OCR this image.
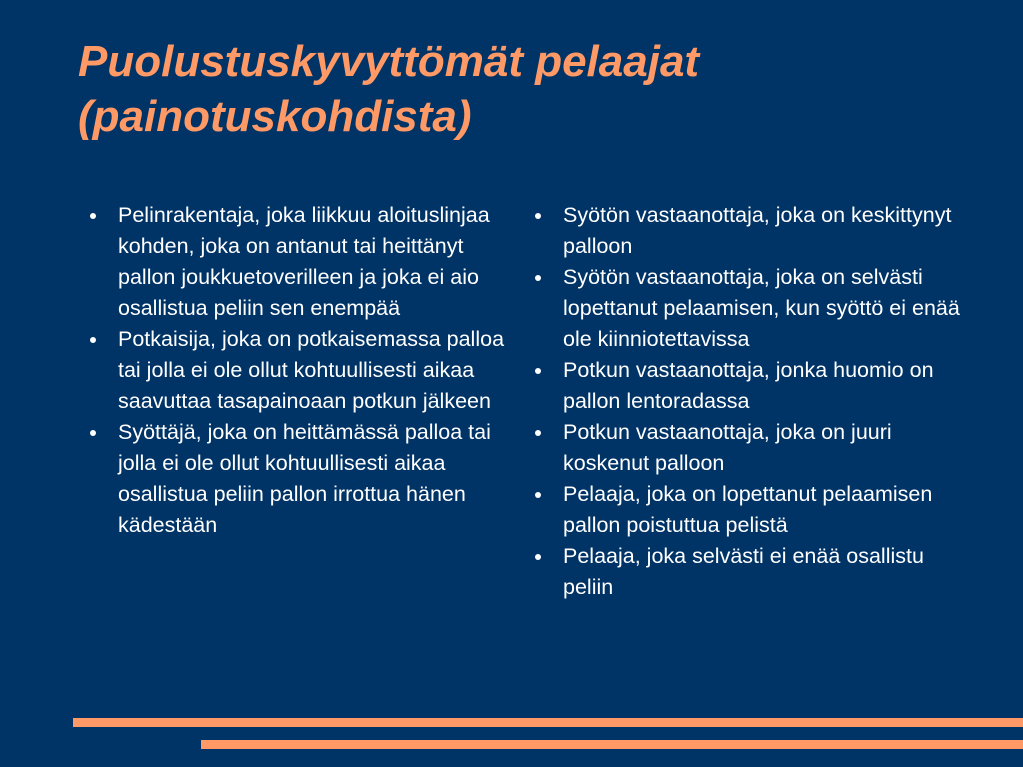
Puolustuskyvyttömät pelaajat
(painotuskohdista)
Pelinrakentaja, joka liikkuu aloituslinjaa kohden, joka on antanut tai heittänyt pallon joukkuetoverilleen ja joka ei aio osallistua peliin sen enempää
Potkaisija, joka on potkaisemassa palloa tai jolla ei ole ollut kohtuullisesti aikaa saavuttaa tasapainoaan potkun jälkeen
Syöttäjä, joka on heittämässä palloa tai jolla ei ole ollut kohtuullisesti aikaa osallistua peliin pallon irrottua hänen kädestään
Syötön vastaanottaja, joka on keskittynyt palloon
Syötön vastaanottaja, joka on selvästi lopettanut pelaamisen, kun syöttö ei enää ole kiinniotettavissa
Potkun vastaanottaja, jonka huomio on pallon lentoradassa
Potkun vastaanottaja, joka on juuri koskenut palloon
Pelaaja, joka on lopettanut pelaamisen pallon poistuttua pelistä
Pelaaja, joka selvästi ei enää osallistu peliin
